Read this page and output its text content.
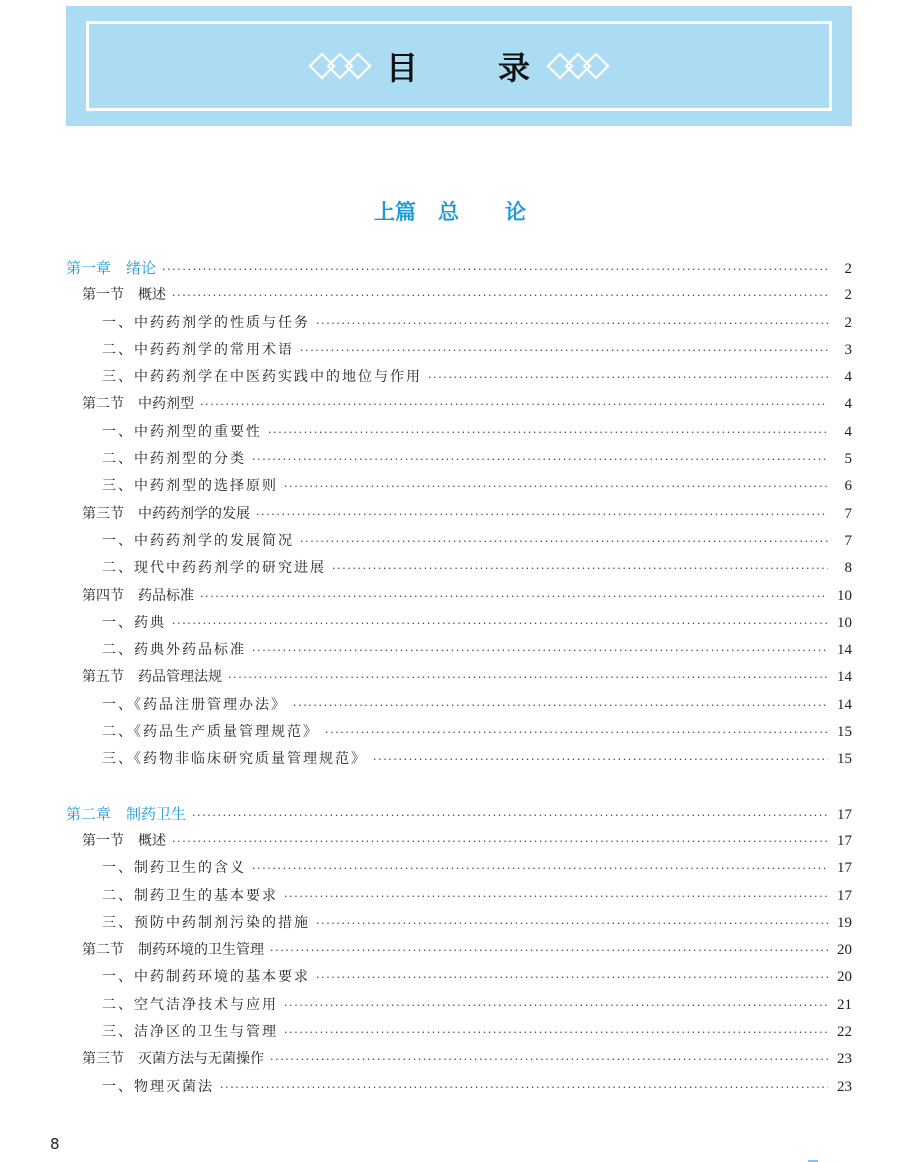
目 录
上篇 总 论
第一章　绪论 ·····	2
第一节　概述 ·····	2
一、中药药剂学的性质与任务 ·····	2
二、中药药剂学的常用术语 ·····	3
三、中药药剂学在中医药实践中的地位与作用 ·····	4
第二节　中药剂型 ·····	4
一、中药剂型的重要性 ·····	4
二、中药剂型的分类 ·····	5
三、中药剂型的选择原则 ·····	6
第三节　中药药剂学的发展 ·····	7
一、中药药剂学的发展简况 ·····	7
二、现代中药药剂学的研究进展 ·····	8
第四节　药品标准 ·····	10
一、药典 ·····	10
二、药典外药品标准 ·····	14
第五节　药品管理法规 ·····	14
一、《药品注册管理办法》 ·····	14
二、《药品生产质量管理规范》 ·····	15
三、《药物非临床研究质量管理规范》 ·····	15
第二章　制药卫生 ·····	17
第一节　概述 ·····	17
一、制药卫生的含义 ·····	17
二、制药卫生的基本要求 ·····	17
三、预防中药制剂污染的措施 ·····	19
第二节　制药环境的卫生管理 ·····	20
一、中药制药环境的基本要求 ·····	20
二、空气洁净技术与应用 ·····	21
三、洁净区的卫生与管理 ·····	22
第三节　灭菌方法与无菌操作 ·····	23
一、物理灭菌法 ·····	23
8
